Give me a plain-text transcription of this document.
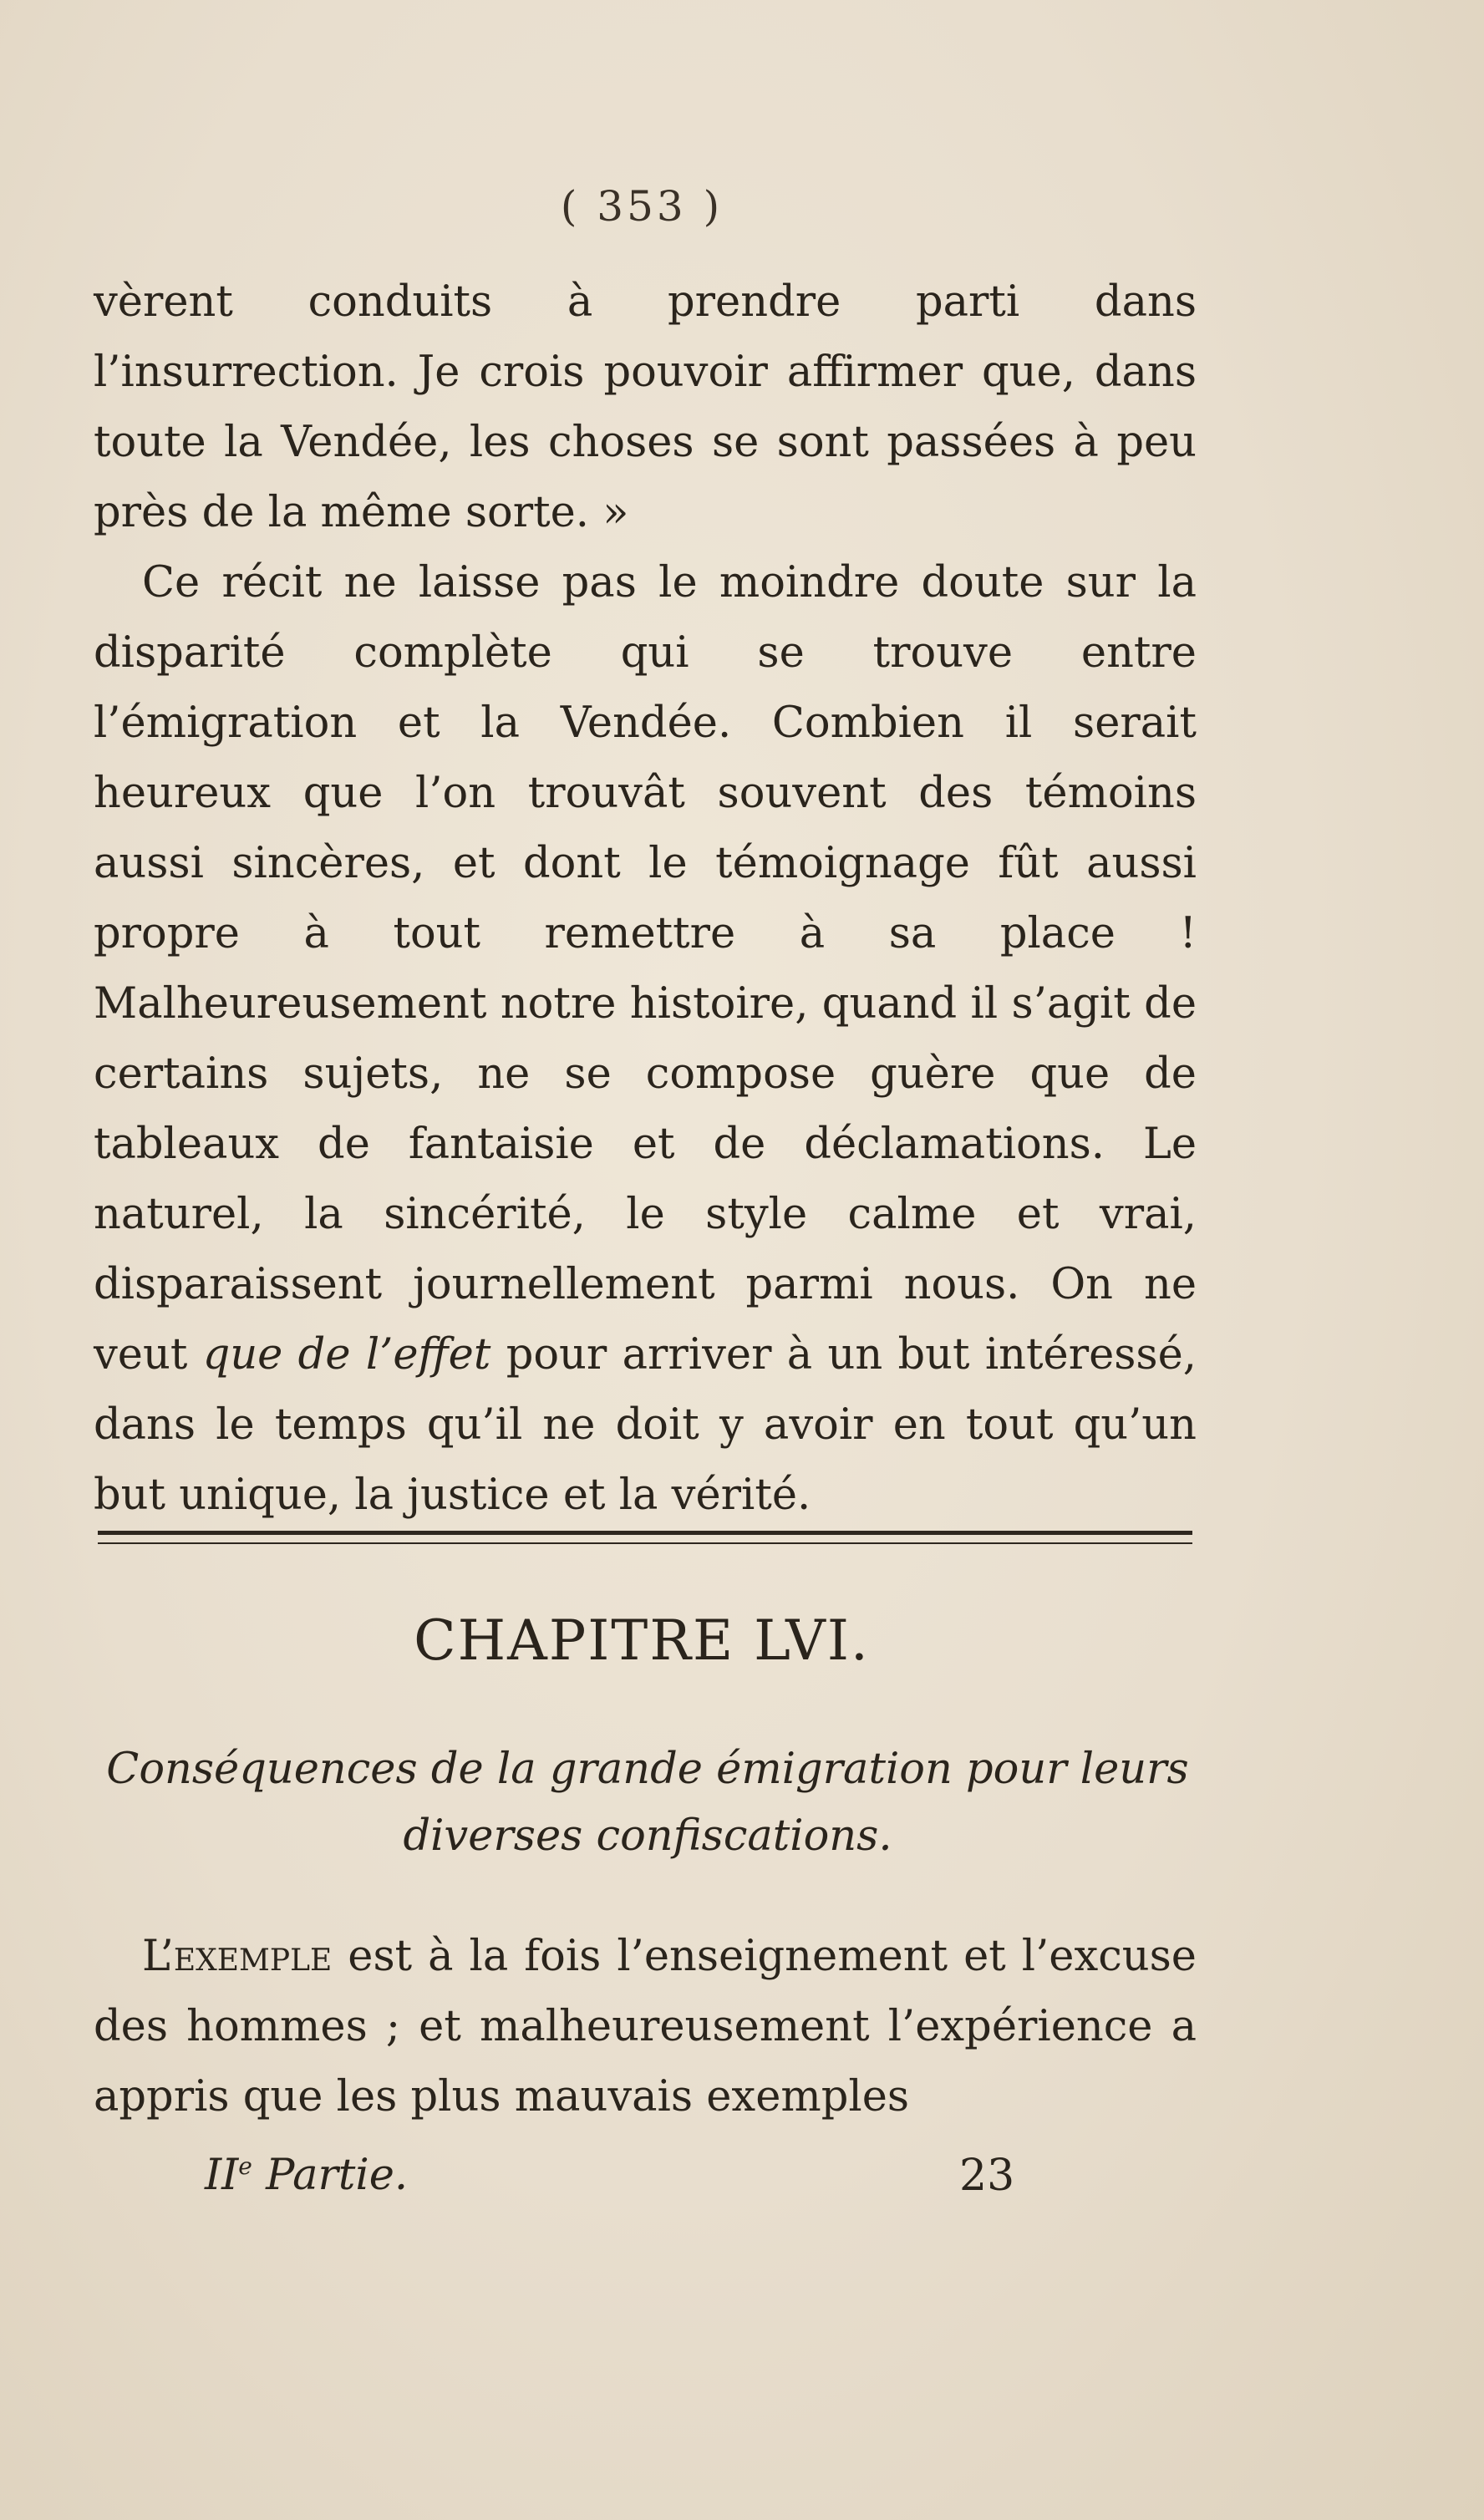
( 353 )

vèrent conduits à prendre parti dans l’insurrection. Je crois pouvoir affirmer que, dans toute la Vendée, les choses se sont passées à peu près de la même sorte. »

Ce récit ne laisse pas le moindre doute sur la disparité complète qui se trouve entre l’émigration et la Vendée. Combien il serait heureux que l’on trouvât souvent des témoins aussi sincères, et dont le témoignage fût aussi propre à tout remettre à sa place ! Malheureusement notre histoire, quand il s’agit de certains sujets, ne se compose guère que de tableaux de fantaisie et de déclamations. Le naturel, la sincérité, le style calme et vrai, disparaissent journellement parmi nous. On ne veut que de l’effet pour arriver à un but intéressé, dans le temps qu’il ne doit y avoir en tout qu’un but unique, la justice et la vérité.

CHAPITRE LVI.
Conséquences de la grande émigration pour leurs diverses confiscations.

L’exemple est à la fois l’enseignement et l’excuse des hommes ; et malheureusement l’expérience a appris que les plus mauvais exemples

IIe Partie.	23
